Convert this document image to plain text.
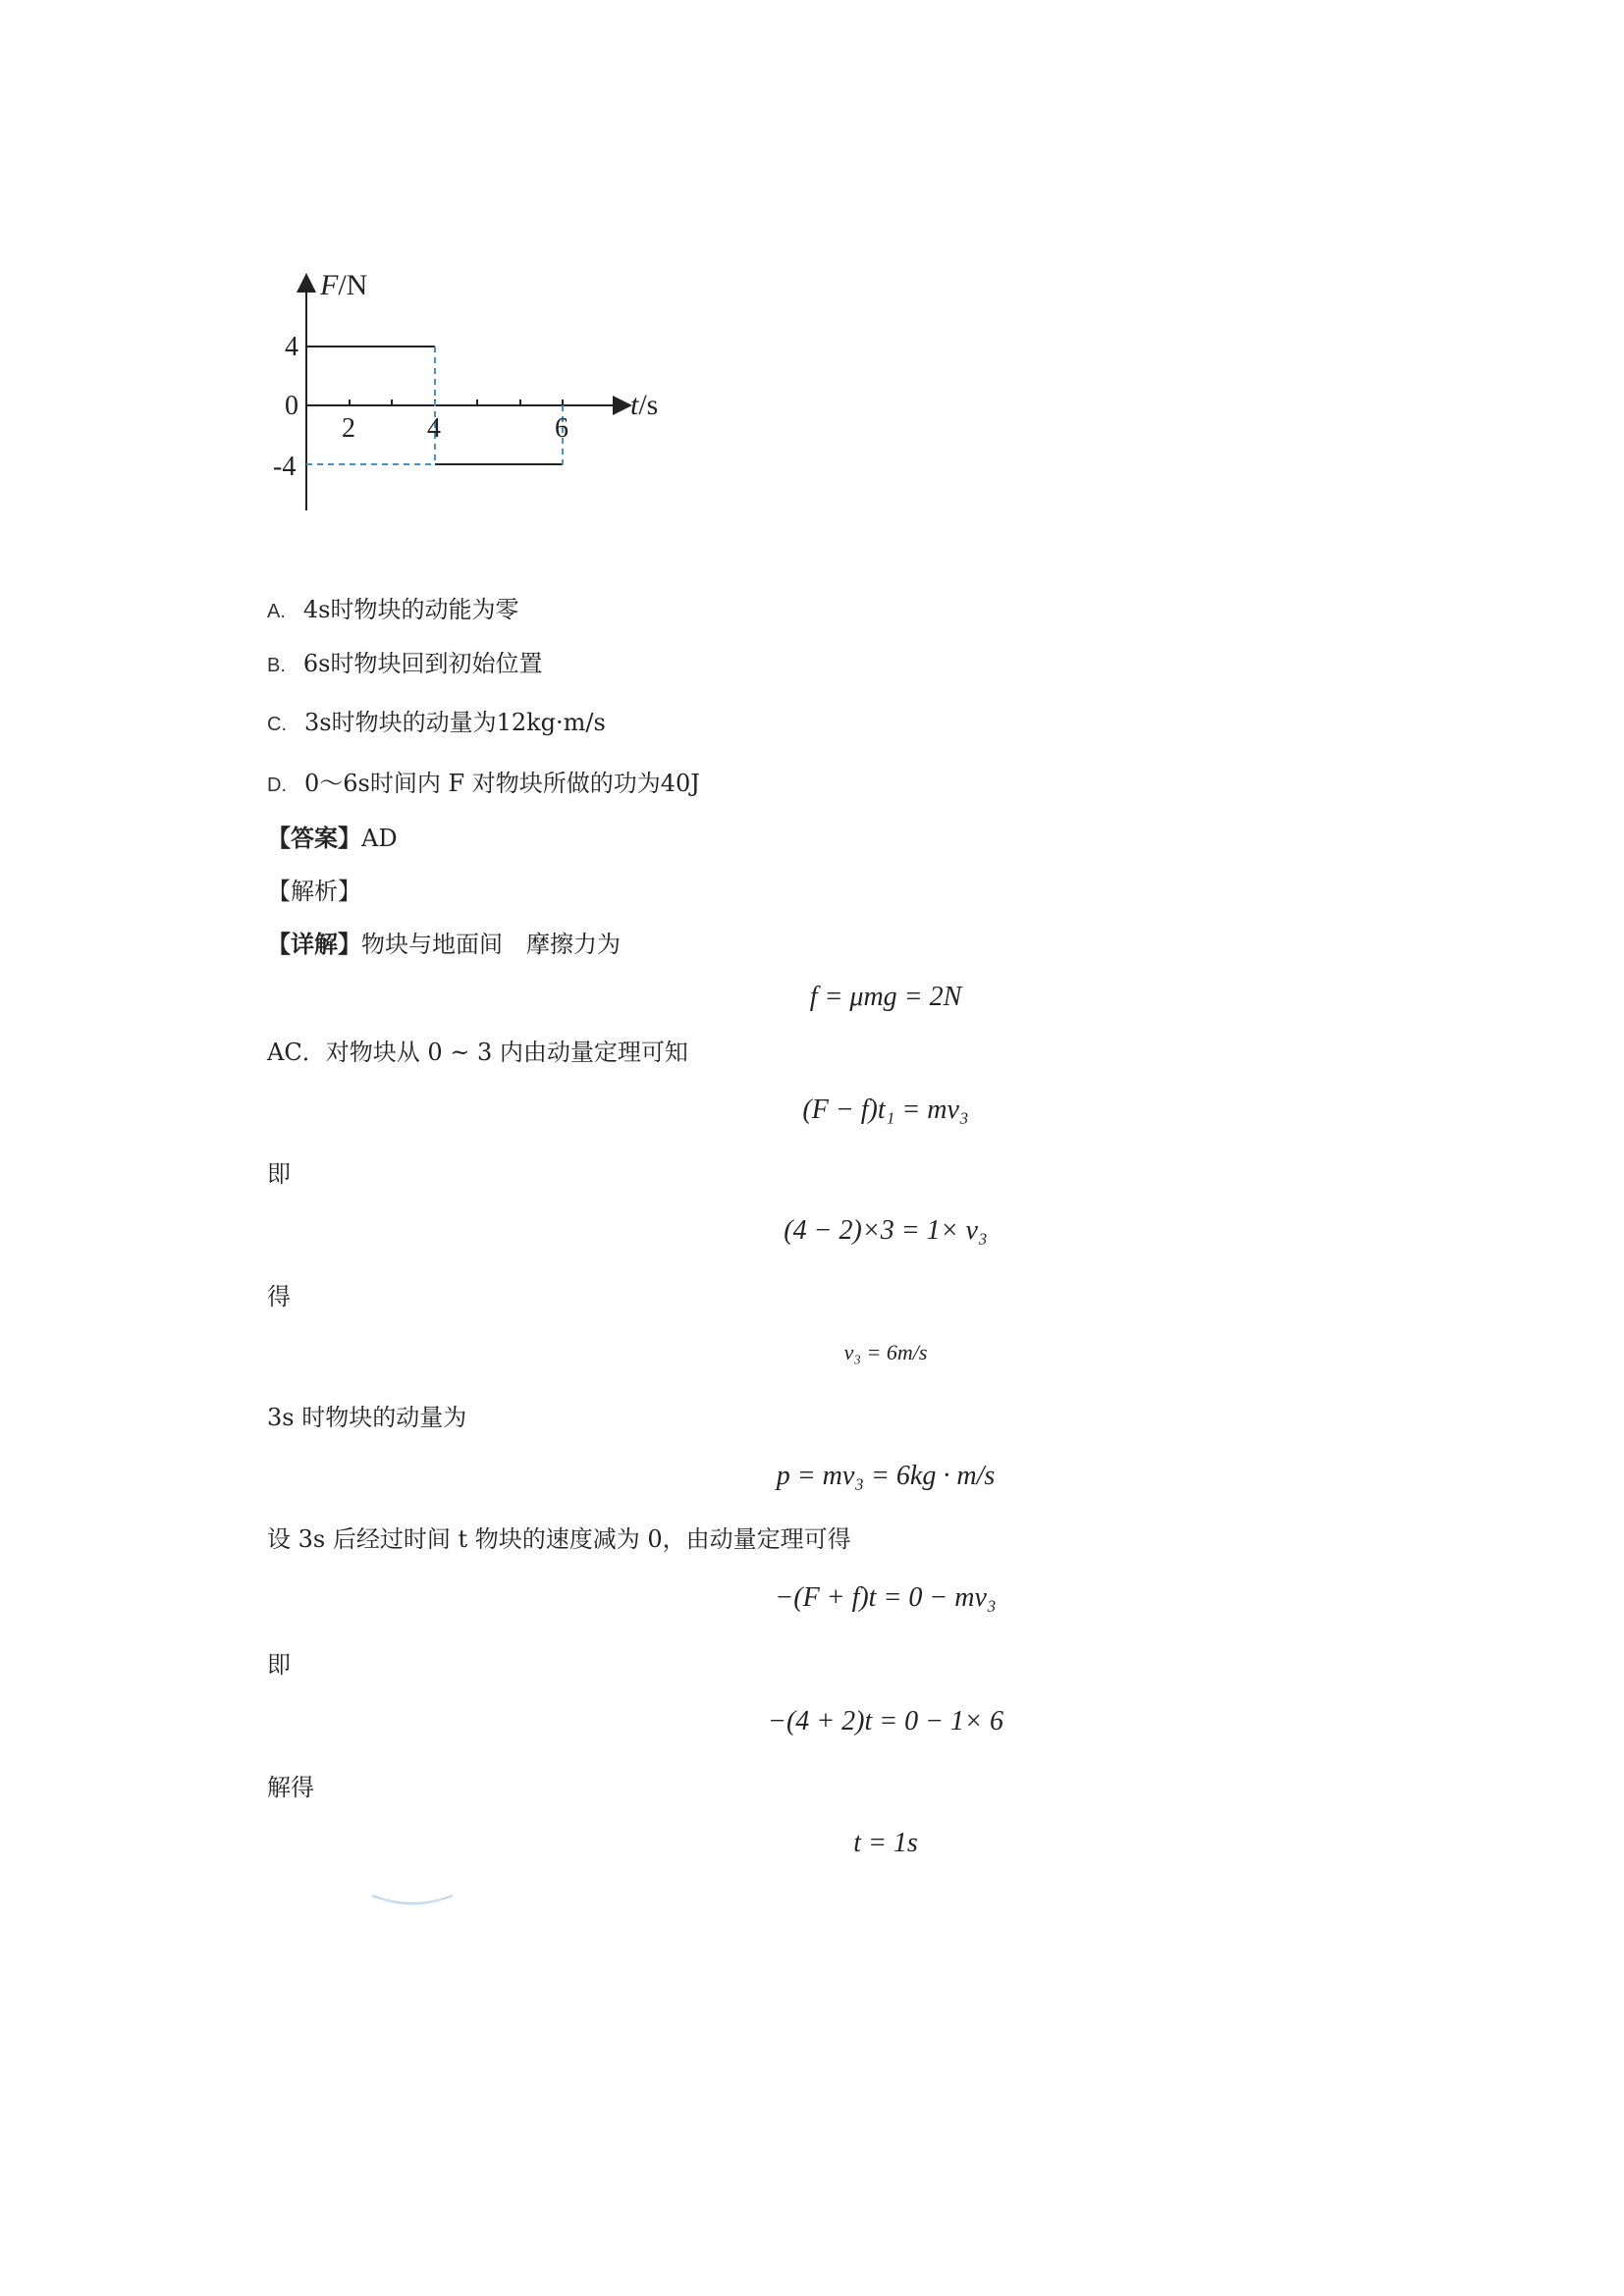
F/N
t/s
4
0
-4
2	4	6
A. 4s时物块的动能为零
B. 6s时物块回到初始位置
C. 3s时物块的动量为12kg·m/s
D. 0～6s时间内 F 对物块所做的功为40J
【答案】AD
【解析】
【详解】物块与地面间　摩擦力为
f = μmg = 2N
AC．对物块从 0 ~ 3 内由动量定理可知
(F − f)t₁ = mv₃
即
(4 − 2)×3 = 1× v₃
得
v₃ = 6m/s
3s 时物块的动量为
p = mv₃ = 6kg · m/s
设 3s 后经过时间 t 物块的速度减为 0，由动量定理可得
−(F + f)t = 0 − mv₃
即
−(4 + 2)t = 0 − 1× 6
解得
t = 1s
